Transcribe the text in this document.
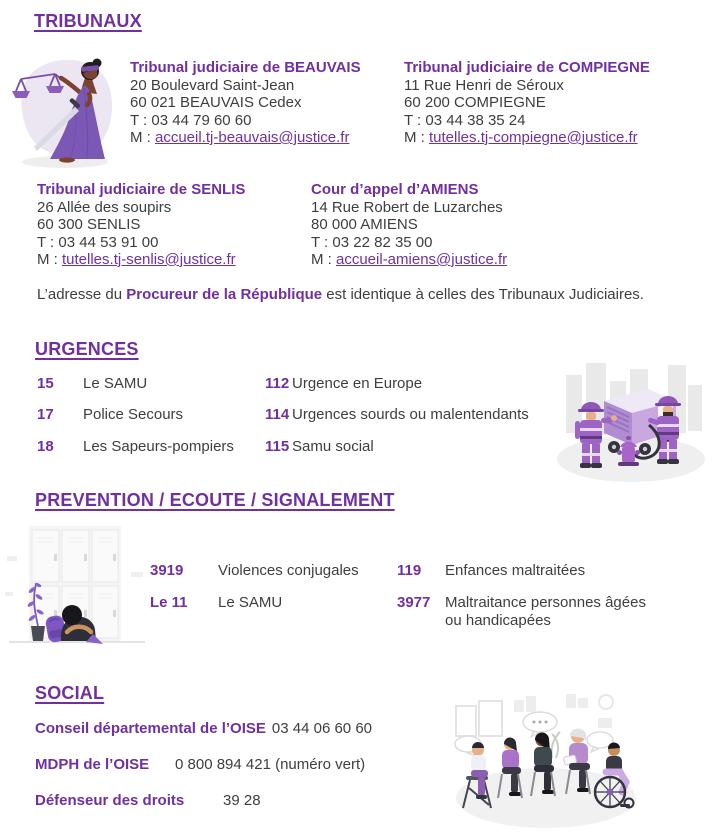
TRIBUNAUX
Tribunal judiciaire de BEAUVAIS
20 Boulevard Saint-Jean
60 021 BEAUVAIS Cedex
T : 03 44 79 60 60
M : accueil.tj-beauvais@justice.fr
Tribunal judiciaire de COMPIEGNE
11 Rue Henri de Séroux
60 200 COMPIEGNE
T : 03 44 38 35 24
M : tutelles.tj-compiegne@justice.fr
Tribunal judiciaire de SENLIS
26 Allée des soupirs
60 300 SENLIS
T : 03 44 53 91 00
M : tutelles.tj-senlis@justice.fr
Cour d’appel d’AMIENS
14 Rue Robert de Luzarches
80 000 AMIENS
T : 03 22 82 35 00
M : accueil-amiens@justice.fr
L’adresse du Procureur de la République est identique à celles des Tribunaux Judiciaires.
URGENCES
15	Le SAMU
17	Police Secours
18	Les Sapeurs-pompiers
112 Urgence en Europe
114 Urgences sourds ou malentendants
115 Samu social
PREVENTION / ECOUTE / SIGNALEMENT
3919	Violences conjugales
Le 11	Le SAMU
119	Enfances maltraitées
3977 Maltraitance personnes âgées ou handicapées
SOCIAL
Conseil départemental de l’OISE 03 44 06 60 60
MDPH de l’OISE 0 800 894 421 (numéro vert)
Défenseur des droits	39 28
